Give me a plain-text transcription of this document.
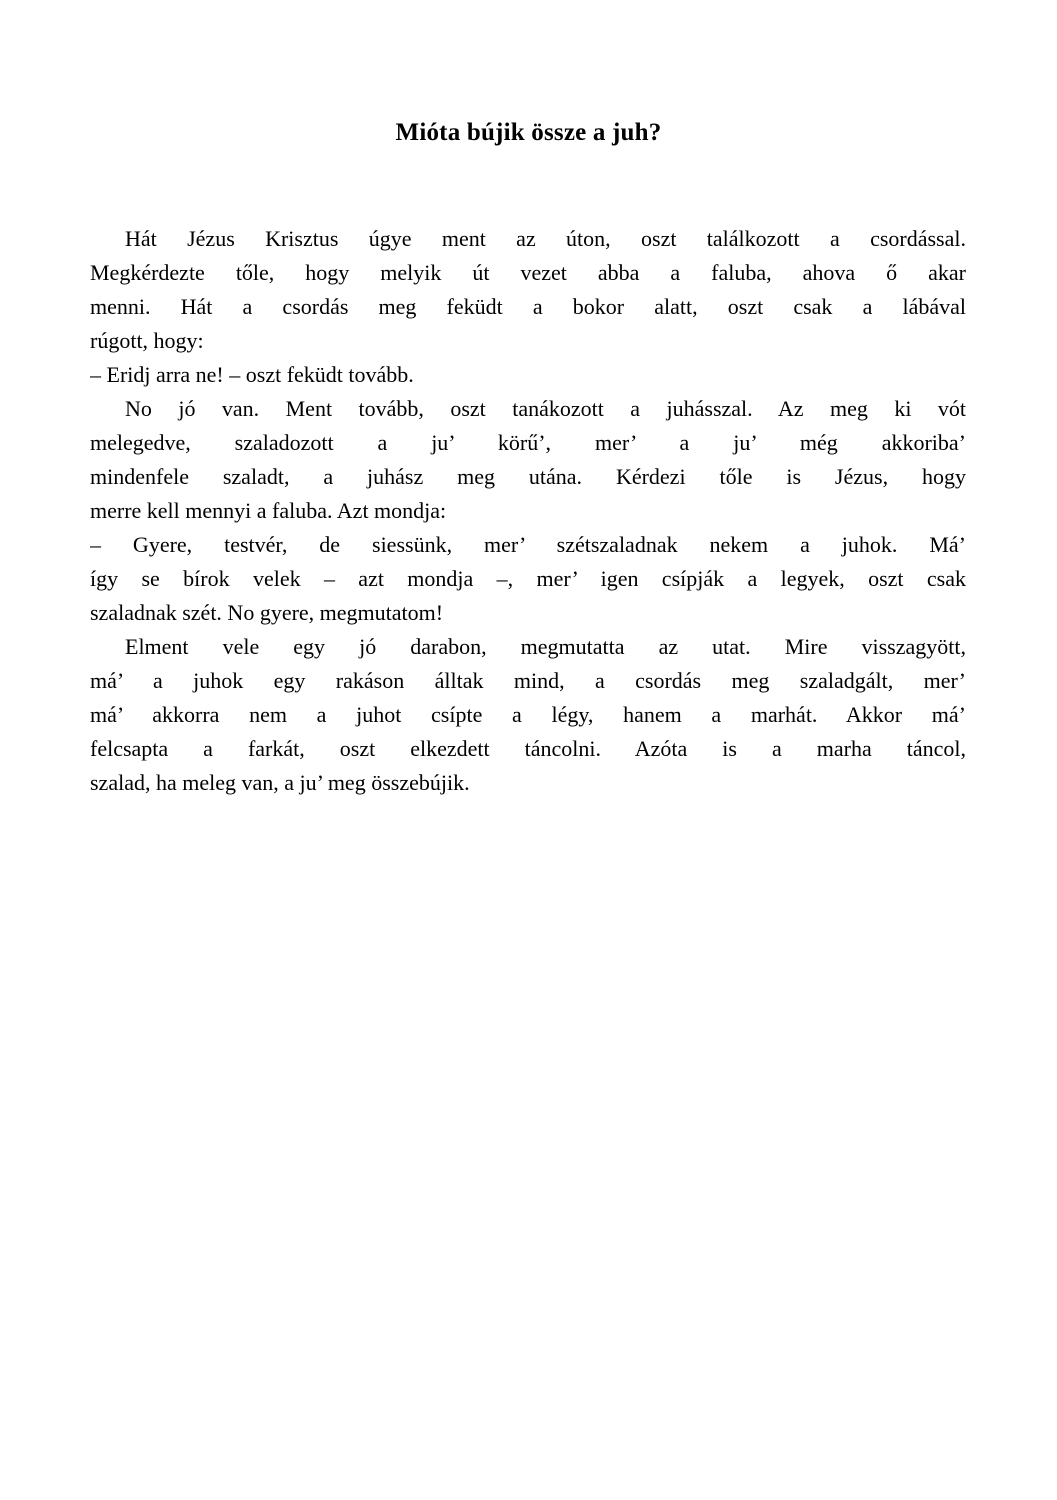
Mióta bújik össze a juh?
Hát Jézus Krisztus úgye ment az úton, oszt találkozott a csordással.
Megkérdezte tőle, hogy melyik út vezet abba a faluba, ahova ő akar
menni. Hát a csordás meg feküdt a bokor alatt, oszt csak a lábával
rúgott, hogy:
– Eridj arra ne! – oszt feküdt tovább.
No jó van. Ment tovább, oszt tanákozott a juhásszal. Az meg ki vót
melegedve, szaladozott a ju’ körű’, mer’ a ju’ még akkoriba’
mindenfele szaladt, a juhász meg utána. Kérdezi tőle is Jézus, hogy
merre kell mennyi a faluba. Azt mondja:
– Gyere, testvér, de siessünk, mer’ szétszaladnak nekem a juhok. Má’
így se bírok velek – azt mondja –, mer’ igen csípják a legyek, oszt csak
szaladnak szét. No gyere, megmutatom!
Elment vele egy jó darabon, megmutatta az utat. Mire visszagyött,
má’ a juhok egy rakáson álltak mind, a csordás meg szaladgált, mer’
má’ akkorra nem a juhot csípte a légy, hanem a marhát. Akkor má’
felcsapta a farkát, oszt elkezdett táncolni. Azóta is a marha táncol,
szalad, ha meleg van, a ju’ meg összebújik.
